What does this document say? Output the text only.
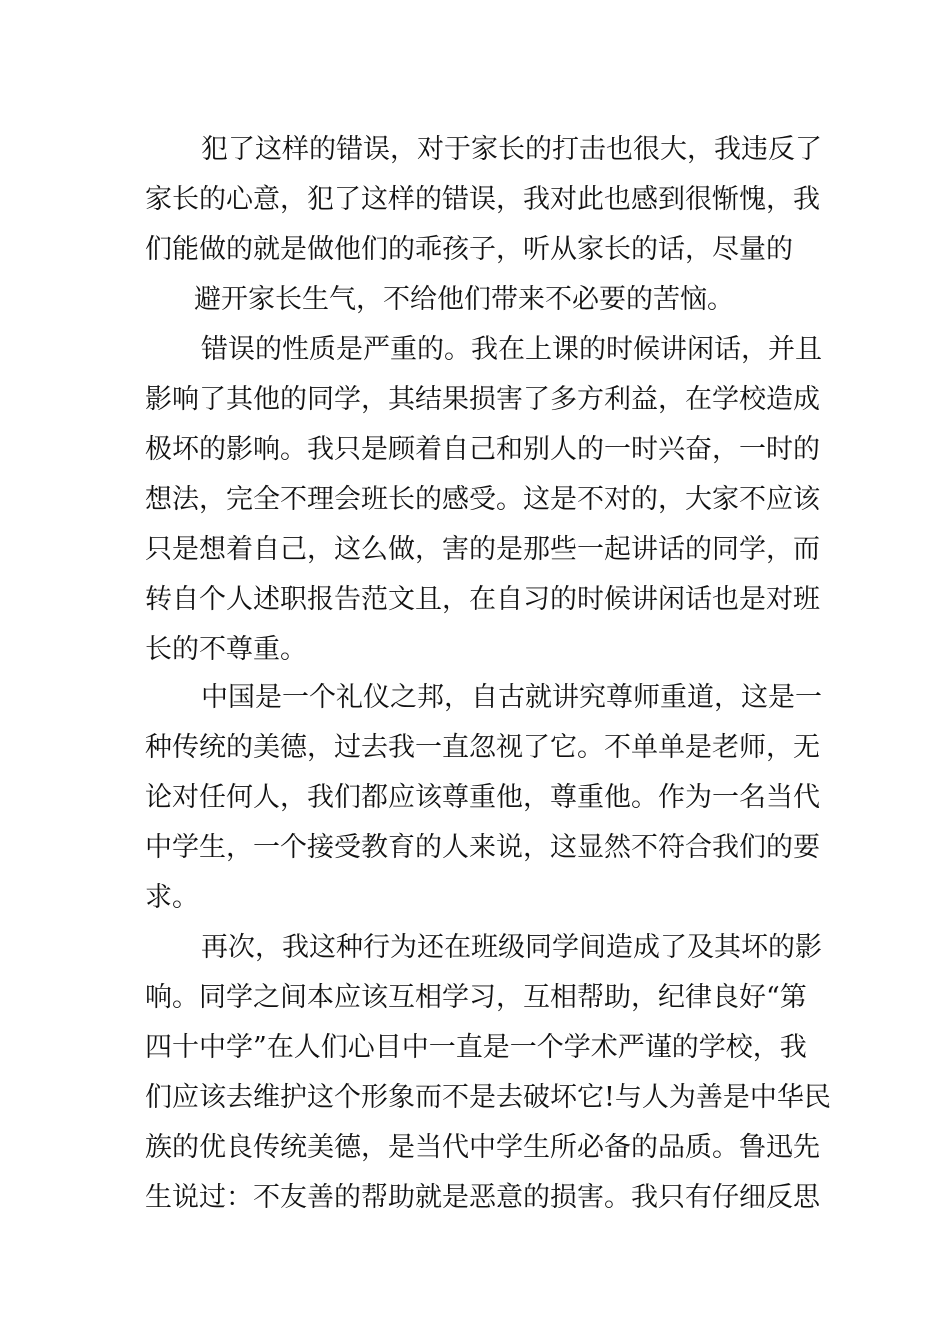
犯了这样的错误，对于家长的打击也很大，我违反了
家长的心意，犯了这样的错误，我对此也感到很惭愧，我
们能做的就是做他们的乖孩子，听从家长的话，尽量的
避开家长生气，不给他们带来不必要的苦恼。
错误的性质是严重的。我在上课的时候讲闲话，并且
影响了其他的同学，其结果损害了多方利益，在学校造成
极坏的影响。我只是顾着自己和别人的一时兴奋，一时的
想法，完全不理会班长的感受。这是不对的，大家不应该
只是想着自己，这么做，害的是那些一起讲话的同学，而
转自个人述职报告范文且，在自习的时候讲闲话也是对班
长的不尊重。
中国是一个礼仪之邦，自古就讲究尊师重道，这是一
种传统的美德，过去我一直忽视了它。不单单是老师，无
论对任何人，我们都应该尊重他，尊重他。作为一名当代
中学生，一个接受教育的人来说，这显然不符合我们的要
求。
再次，我这种行为还在班级同学间造成了及其坏的影
响。同学之间本应该互相学习，互相帮助，纪律良好“第
四十中学”在人们心目中一直是一个学术严谨的学校，我
们应该去维护这个形象而不是去破坏它!与人为善是中华民
族的优良传统美德，是当代中学生所必备的品质。鲁迅先
生说过：不友善的帮助就是恶意的损害。我只有仔细反思
